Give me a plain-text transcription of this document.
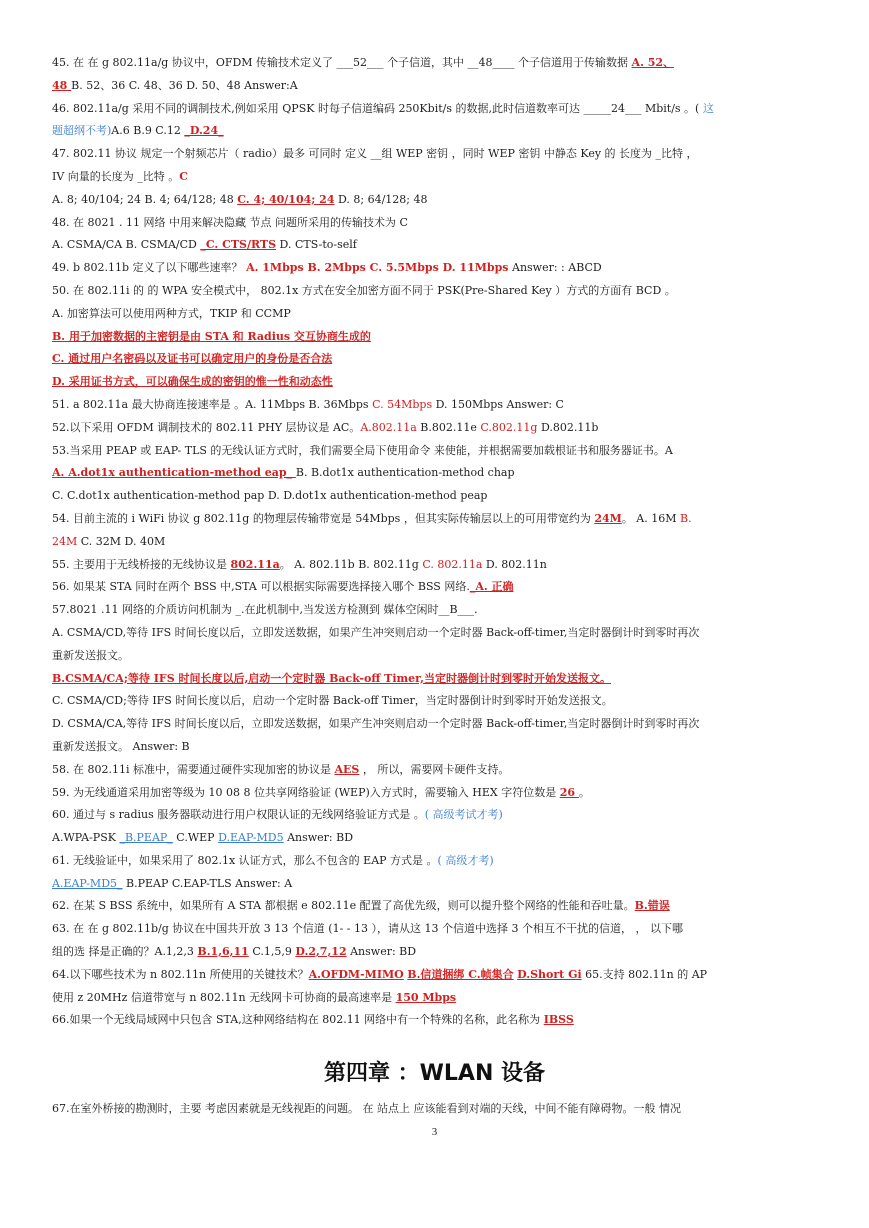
45. 在 在 g 802.11a/g 协议中，OFDM 传输技术定义了 ___52___ 个子信道，其中 __48____ 个子信道用于传输数据 A. 52、
48 B. 52、36 C. 48、36 D. 50、48 Answer:A
46. 802.11a/g 采用不同的调制技术,例如采用 QPSK 时每子信道编码 250Kbit/s 的数据,此时信道数率可达 _____24___ Mbit/s 。( 这
题超纲不考)A.6 B.9 C.12 _D.24_
47. 802.11 协议 规定一个射频芯片（ radio）最多 可同时 定义 __组 WEP 密钥 ，同时 WEP 密钥 中静态 Key 的 长度为 _比特 ，
IV 向量的长度为 _比特 。C
A. 8; 40/104; 24 B. 4; 64/128; 48 C. 4; 40/104; 24 D. 8; 64/128; 48
48. 在 8021 . 11 网络 中用来解决隐藏 节点 问题所采用的传输技术为 C
A. CSMA/CA B. CSMA/CD _C. CTS/RTS D. CTS-to-self
49. b 802.11b 定义了以下哪些速率？ A. 1Mbps B. 2Mbps C. 5.5Mbps D. 11Mbps Answer: : ABCD
50. 在 802.11i 的 的 WPA 安全模式中， 802.1x 方式在安全加密方面不同于 PSK(Pre-Shared Key ）方式的方面有 BCD 。
A. 加密算法可以使用两种方式，TKIP 和 CCMP
B. 用于加密数据的主密钥是由 STA 和 Radius 交互协商生成的
C. 通过用户名密码以及证书可以确定用户的身份是否合法
D. 采用证书方式，可以确保生成的密钥的惟一性和动态性
51. a 802.11a 最大协商连接速率是 。A. 11Mbps B. 36Mbps C. 54Mbps D. 150Mbps Answer: C
52.以下采用 OFDM 调制技术的 802.11 PHY 层协议是 AC。A.802.11a B.802.11e C.802.11g D.802.11b
53.当采用 PEAP 或 EAP- TLS 的无线认证方式时，我们需要全局下使用命令 来使能，并根据需要加载根证书和服务器证书。A
A. A.dot1x authentication-method eap_ B. B.dot1x authentication-method chap
C. C.dot1x authentication-method pap D. D.dot1x authentication-method peap
54. 目前主流的 i WiFi 协议 g 802.11g 的物理层传输带宽是 54Mbps ，但其实际传输层以上的可用带宽约为 24M。 A. 16M B.
24M C. 32M D. 40M
55. 主要用于无线桥接的无线协议是 802.11a。 A. 802.11b B. 802.11g C. 802.11a D. 802.11n
56. 如果某 STA 同时在两个 BSS 中,STA 可以根据实际需要选择接入哪个 BSS 网络._A. 正确
57.8021 .11 网络的介质访问机制为 _.在此机制中,当发送方检测到 媒体空闲时__B___.
A. CSMA/CD,等待 IFS 时间长度以后，立即发送数据，如果产生冲突则启动一个定时器 Back-off-timer,当定时器倒计时到零时再次
重新发送报文。
B.CSMA/CA;等待 IFS 时间长度以后,启动一个定时器 Back-off Timer,当定时器倒计时到零时开始发送报文。
C. CSMA/CD;等待 IFS 时间长度以后，启动一个定时器 Back-off Timer，当定时器倒计时到零时开始发送报文。
D. CSMA/CA,等待 IFS 时间长度以后，立即发送数据，如果产生冲突则启动一个定时器 Back-off-timer,当定时器倒计时到零时再次
重新发送报文。 Answer: B
58. 在 802.11i 标准中，需要通过硬件实现加密的协议是 AES ， 所以，需要网卡硬件支持。
59. 为无线通道采用加密等级为 10 08 8 位共享网络验证 (WEP)入方式时，需要输入 HEX 字符位数是 26 。
60. 通过与 s radius 服务器联动进行用户权限认证的无线网络验证方式是 。( 高级考试才考)
A.WPA-PSK _B.PEAP_ C.WEP D.EAP-MD5 Answer: BD
61. 无线验证中，如果采用了 802.1x 认证方式，那么不包含的 EAP 方式是 。( 高级才考)
A.EAP-MD5_ B.PEAP C.EAP-TLS Answer: A
62. 在某 S BSS 系统中，如果所有 A STA 都根据 e 802.11e 配置了高优先级，则可以提升整个网络的性能和吞吐量。B.错误
63. 在 在 g 802.11b/g 协议在中国共开放 3 13 个信道 (1- - 13 ），请从这 13 个信道中选择 3 个相互不干扰的信道， ， 以下哪
组的选 择是正确的？A.1,2,3 B.1,6,11 C.1,5,9 D.2,7,12 Answer: BD
64.以下哪些技术为 n 802.11n 所使用的关键技术？A.OFDM-MIMO B.信道捆绑 C.帧集合 D.Short Gi 65.支持 802.11n 的 AP
使用 z 20MHz 信道带宽与 n 802.11n 无线网卡可协商的最高速率是 150 Mbps
66.如果一个无线局域网中只包含 STA,这种网络结构在 802.11 网络中有一个特殊的名称，此名称为 IBSS
第四章 ：WLAN 设备
67.在室外桥接的勘测时，主要 考虑因素就是无线视距的问题。 在 站点上 应该能看到对端的天线，中间不能有障碍物。一般 情况
3
